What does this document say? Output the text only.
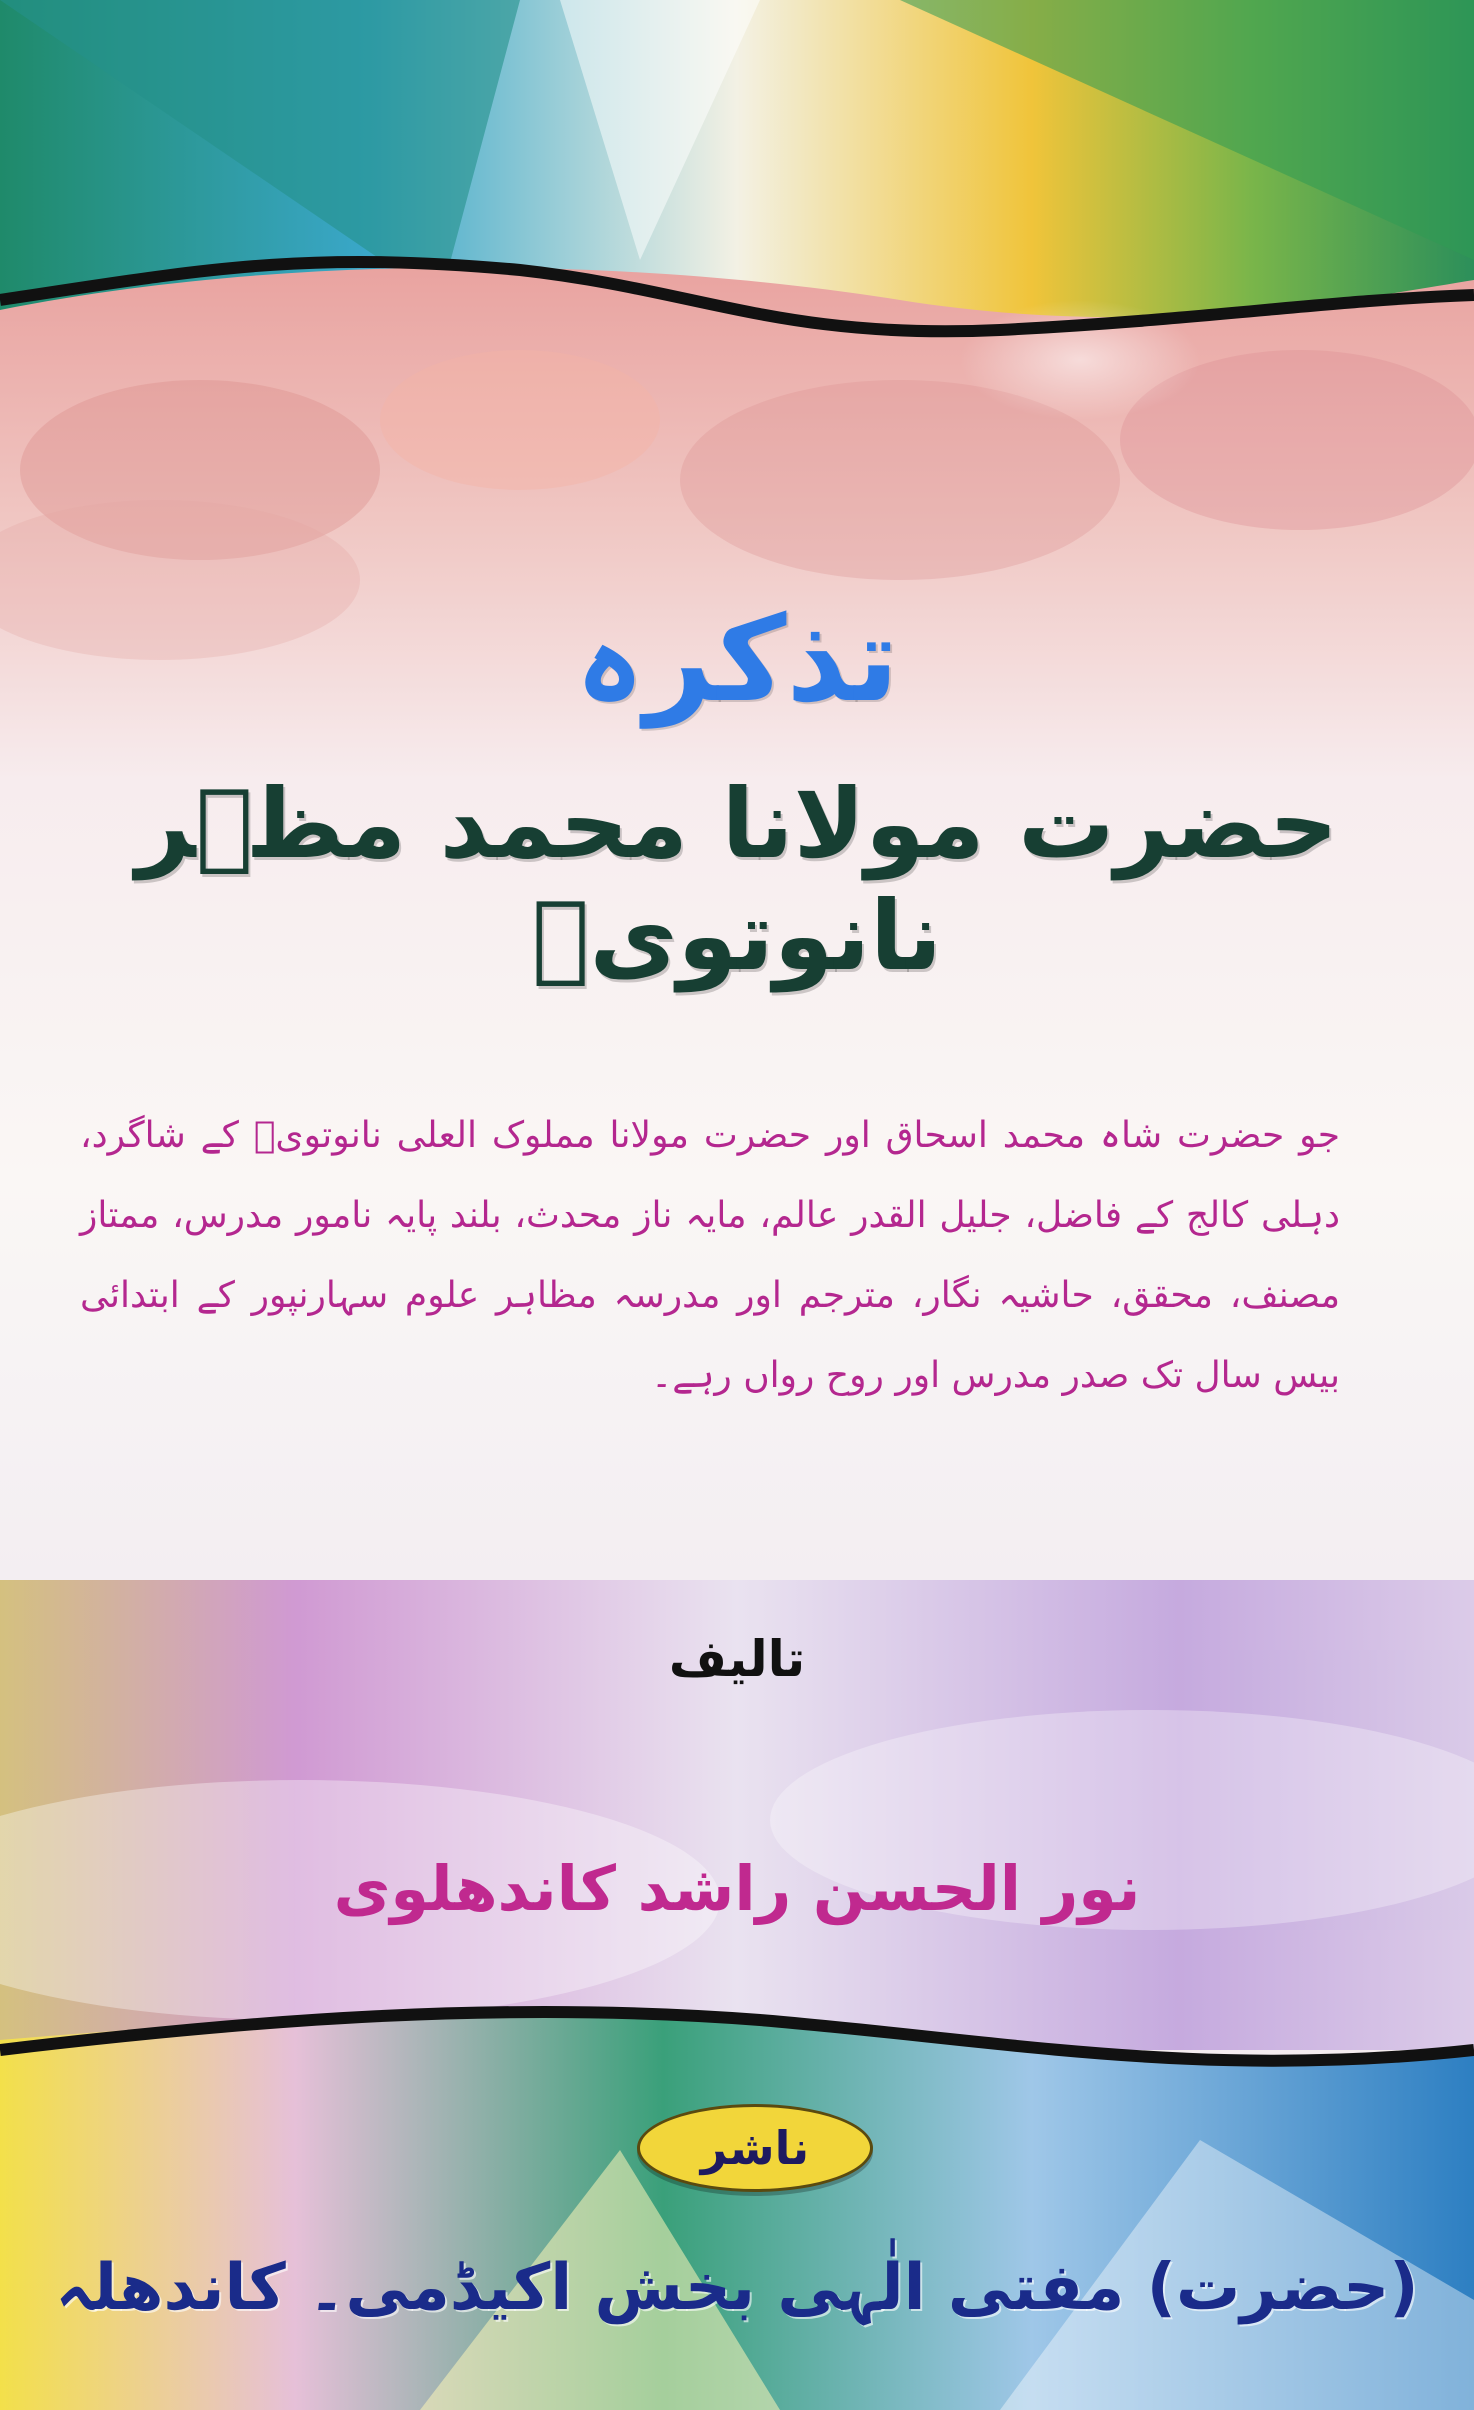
تذکرہ
حضرت مولانا محمد مظہر نانوتویؒ
جو حضرت شاہ محمد اسحاق اور حضرت مولانا مملوک العلی نانوتویؒ کے شاگرد، دہلی کالج کے فاضل، جلیل القدر عالم، مایہ ناز محدث، بلند پایہ نامور مدرس، ممتاز مصنف، محقق، حاشیہ نگار، مترجم اور مدرسہ مظاہر علوم سہارنپور کے ابتدائی بیس سال تک صدر مدرس اور روح رواں رہے۔
تالیف
نور الحسن راشد کاندھلوی
ناشر
(حضرت) مفتی الٰہی بخش اکیڈمی۔ کاندھلہ
